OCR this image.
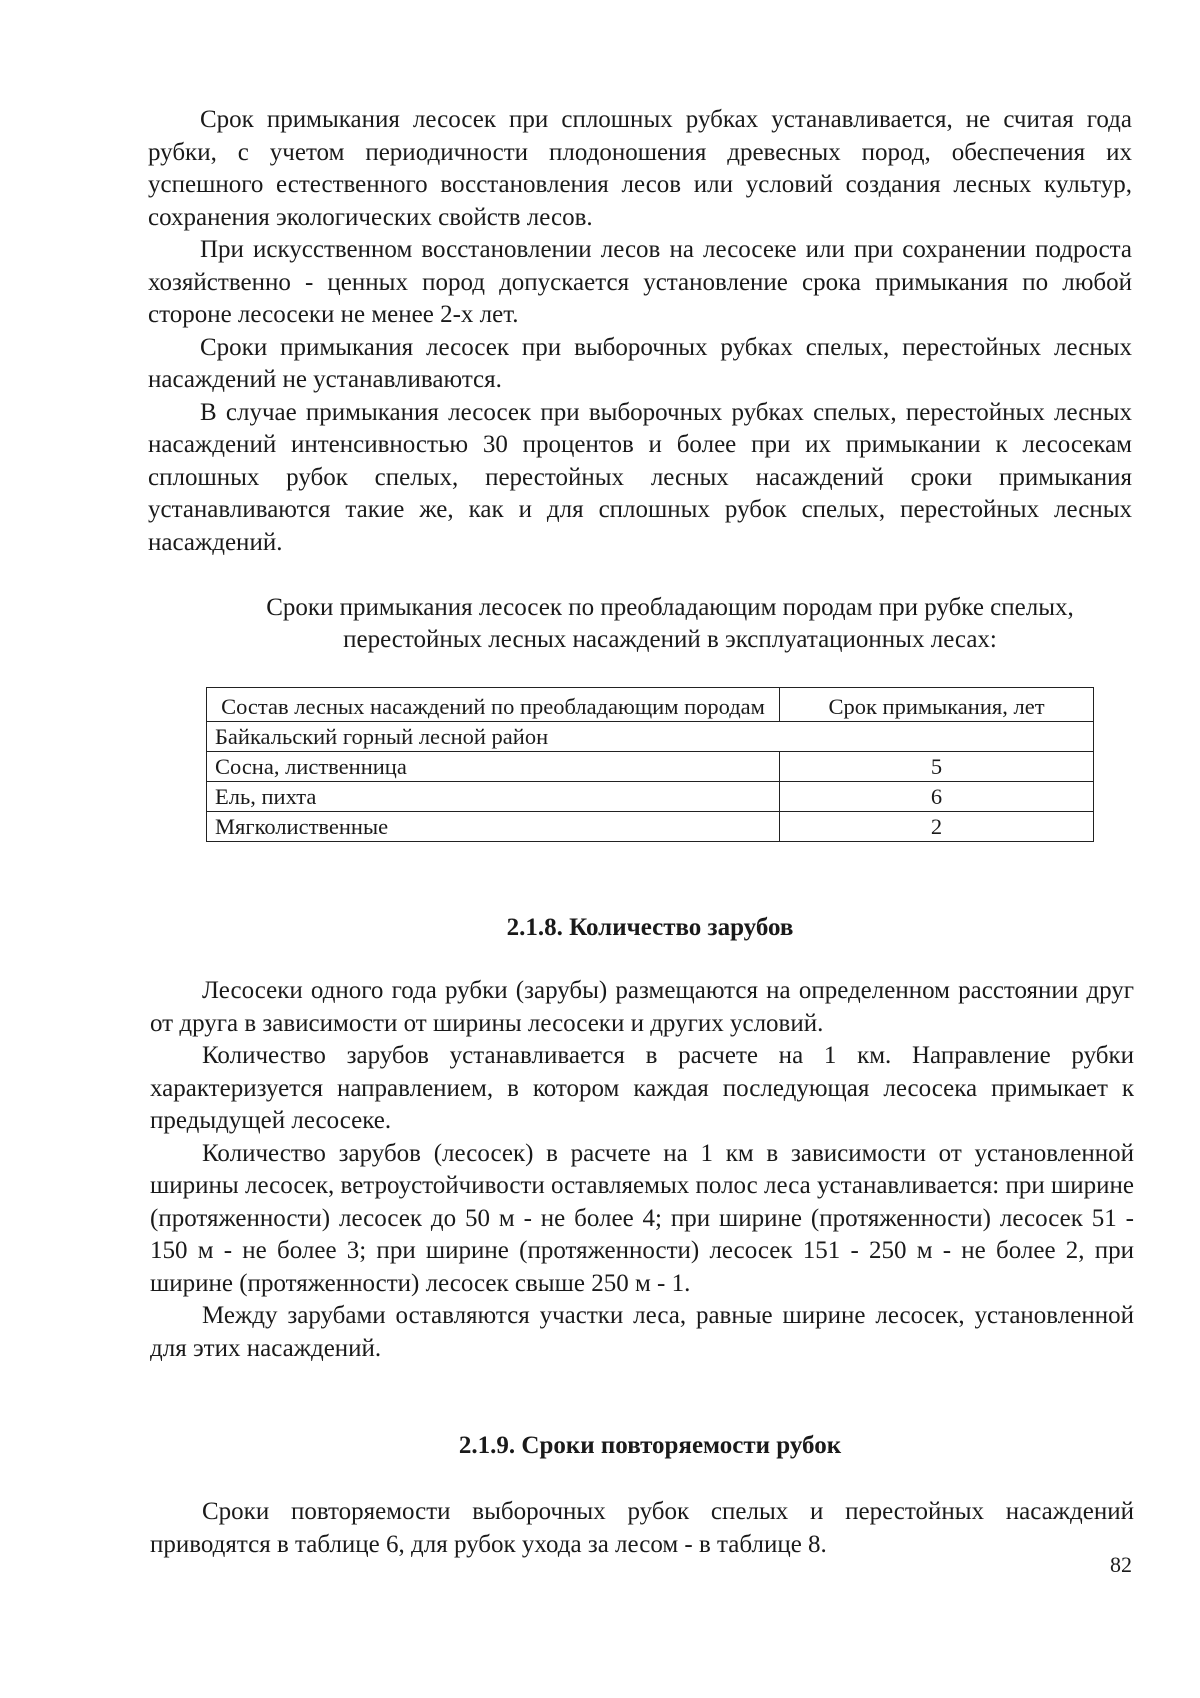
Срок примыкания лесосек при сплошных рубках устанавливается, не считая года рубки, с учетом периодичности плодоношения древесных пород, обеспечения их успешного естественного восстановления лесов или условий создания лесных культур, сохранения экологических свойств лесов.

При искусственном восстановлении лесов на лесосеке или при сохранении подроста хозяйственно - ценных пород допускается установление срока примыкания по любой стороне лесосеки не менее 2-х лет.

Сроки примыкания лесосек при выборочных рубках спелых, перестойных лесных насаждений не устанавливаются.

В случае примыкания лесосек при выборочных рубках спелых, перестойных лесных насаждений интенсивностью 30 процентов и более при их примыкании к лесосекам сплошных рубок спелых, перестойных лесных насаждений сроки примыкания устанавливаются такие же, как и для сплошных рубок спелых, перестойных лесных насаждений.

Сроки примыкания лесосек по преобладающим породам при рубке спелых,

перестойных лесных насаждений в эксплуатационных лесах:

Состав лесных насаждений по преобладающим породам	Срок примыкания, лет
Байкальский горный лесной район	
Сосна, лиственница	5
Ель, пихта	6
Мягколиственные	2
2.1.8. Количество зарубов

Лесосеки одного года рубки (зарубы) размещаются на определенном расстоянии друг от друга в зависимости от ширины лесосеки и других условий.

Количество зарубов устанавливается в расчете на 1 км. Направление рубки характеризуется направлением, в котором каждая последующая лесосека примыкает к предыдущей лесосеке.

Количество зарубов (лесосек) в расчете на 1 км в зависимости от установленной ширины лесосек, ветроустойчивости оставляемых полос леса устанавливается: при ширине (протяженности) лесосек до 50 м - не более 4; при ширине (протяженности) лесосек 51 - 150 м - не более 3; при ширине (протяженности) лесосек 151 - 250 м - не более 2, при ширине (протяженности) лесосек свыше 250 м - 1.

Между зарубами оставляются участки леса, равные ширине лесосек, установленной для этих насаждений.

2.1.9. Сроки повторяемости рубок

Сроки повторяемости выборочных рубок спелых и перестойных насаждений приводятся в таблице 6, для рубок ухода за лесом - в таблице 8.

82
